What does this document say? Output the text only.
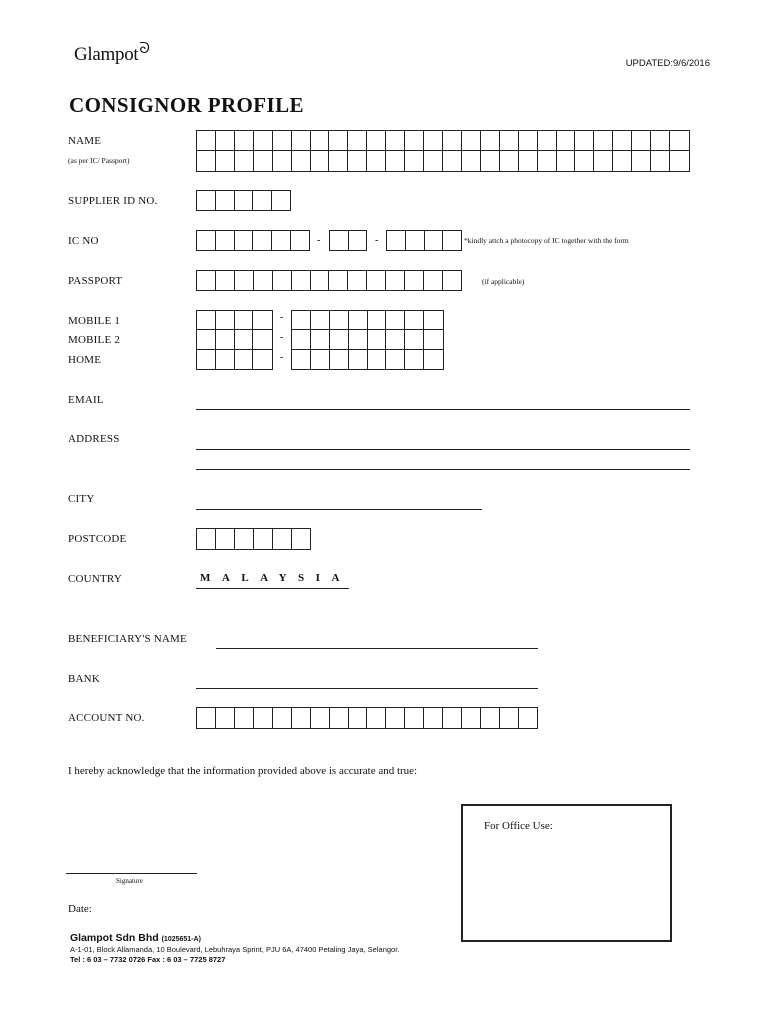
Glampot$^ᘐ$
UPDATED:9/6/2016
CONSIGNOR PROFILE
NAME
(as per IC/ Passport)
SUPPLIER ID NO.
IC NO	-	-	*kindly attch a photocopy of IC together with the form
PASSPORT	(if applicable)
MOBILE 1
MOBILE 2
HOME
-
-
-
EMAIL
ADDRESS
CITY
POSTCODE
COUNTRY	MALAYSIA
BENEFICIARY'S NAME
BANK
ACCOUNT NO.
I hereby acknowledge that the information provided above is accurate and true:
For Office Use:
Signature
Date:
Glampot Sdn Bhd (1025651-A)
A-1-01, Block Allamanda, 10 Boulevard, Lebuhraya Sprint, PJU 6A, 47400 Petaling Jaya, Selangor.
Tel : 6 03 – 7732 0726 Fax : 6 03 – 7725 8727
